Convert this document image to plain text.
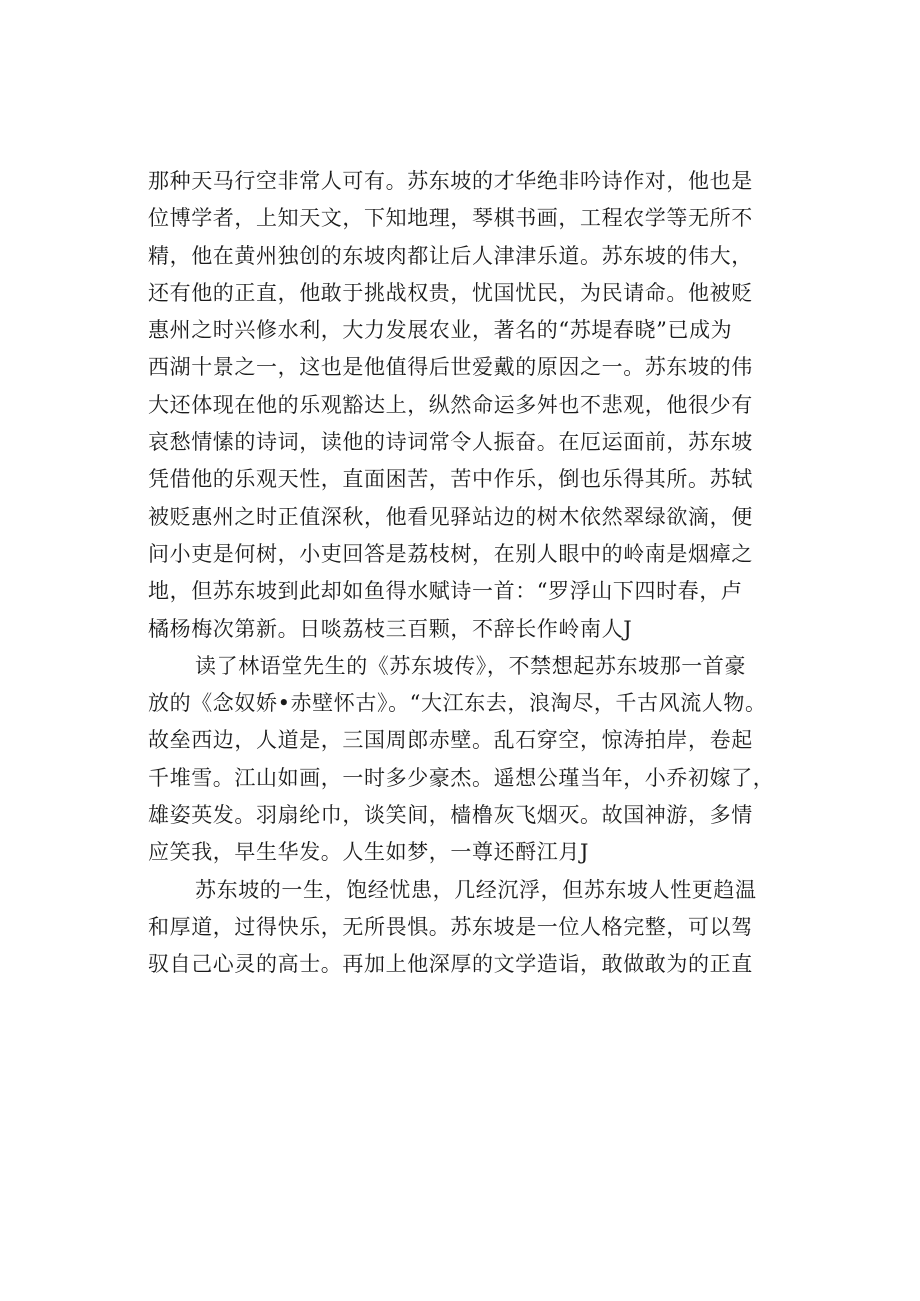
那种天马行空非常人可有。苏东坡的才华绝非吟诗作对，他也是
位博学者，上知天文，下知地理，琴棋书画，工程农学等无所不
精，他在黄州独创的东坡肉都让后人津津乐道。苏东坡的伟大，
还有他的正直，他敢于挑战权贵，忧国忧民，为民请命。他被贬
惠州之时兴修水利，大力发展农业，著名的“苏堤春晓”已成为
西湖十景之一，这也是他值得后世爱戴的原因之一。苏东坡的伟
大还体现在他的乐观豁达上，纵然命运多舛也不悲观，他很少有
哀愁情愫的诗词，读他的诗词常令人振奋。在厄运面前，苏东坡
凭借他的乐观天性，直面困苦，苦中作乐，倒也乐得其所。苏轼
被贬惠州之时正值深秋，他看见驿站边的树木依然翠绿欲滴，便
问小吏是何树，小吏回答是荔枝树，在别人眼中的岭南是烟瘴之
地，但苏东坡到此却如鱼得水赋诗一首：“罗浮山下四时春，卢
橘杨梅次第新。日啖荔枝三百颗，不辞长作岭南人J
读了林语堂先生的《苏东坡传》，不禁想起苏东坡那一首豪
放的《念奴娇•赤壁怀古》。“大江东去，浪淘尽，千古风流人物。
故垒西边，人道是，三国周郎赤壁。乱石穿空，惊涛拍岸，卷起
千堆雪。江山如画，一时多少豪杰。遥想公瑾当年，小乔初嫁了，
雄姿英发。羽扇纶巾，谈笑间，樯橹灰飞烟灭。故国神游，多情
应笑我，早生华发。人生如梦，一尊还酹江月J
苏东坡的一生，饱经忧患，几经沉浮，但苏东坡人性更趋温
和厚道，过得快乐，无所畏惧。苏东坡是一位人格完整，可以驾
驭自己心灵的高士。再加上他深厚的文学造诣，敢做敢为的正直
